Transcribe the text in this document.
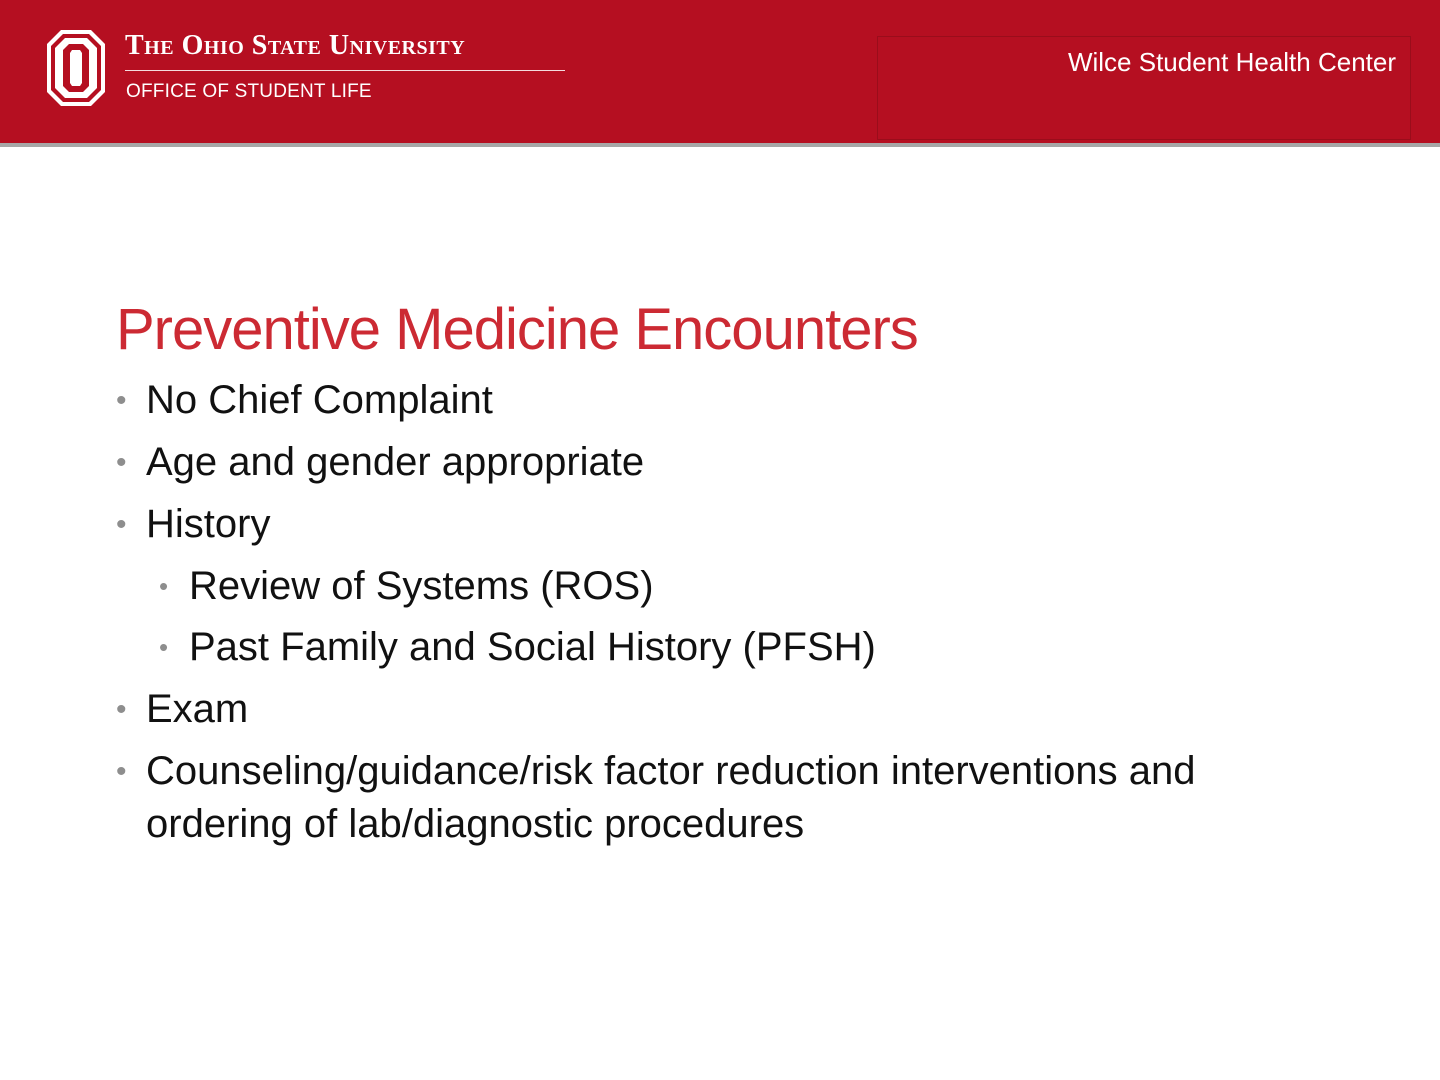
The Ohio State University
OFFICE OF STUDENT LIFE
Wilce Student Health Center
Preventive Medicine Encounters
• No Chief Complaint
• Age and gender appropriate
• History
• Review of Systems (ROS)
• Past Family and Social History (PFSH)
• Exam
• Counseling/guidance/risk factor reduction interventions and ordering of lab/diagnostic procedures
